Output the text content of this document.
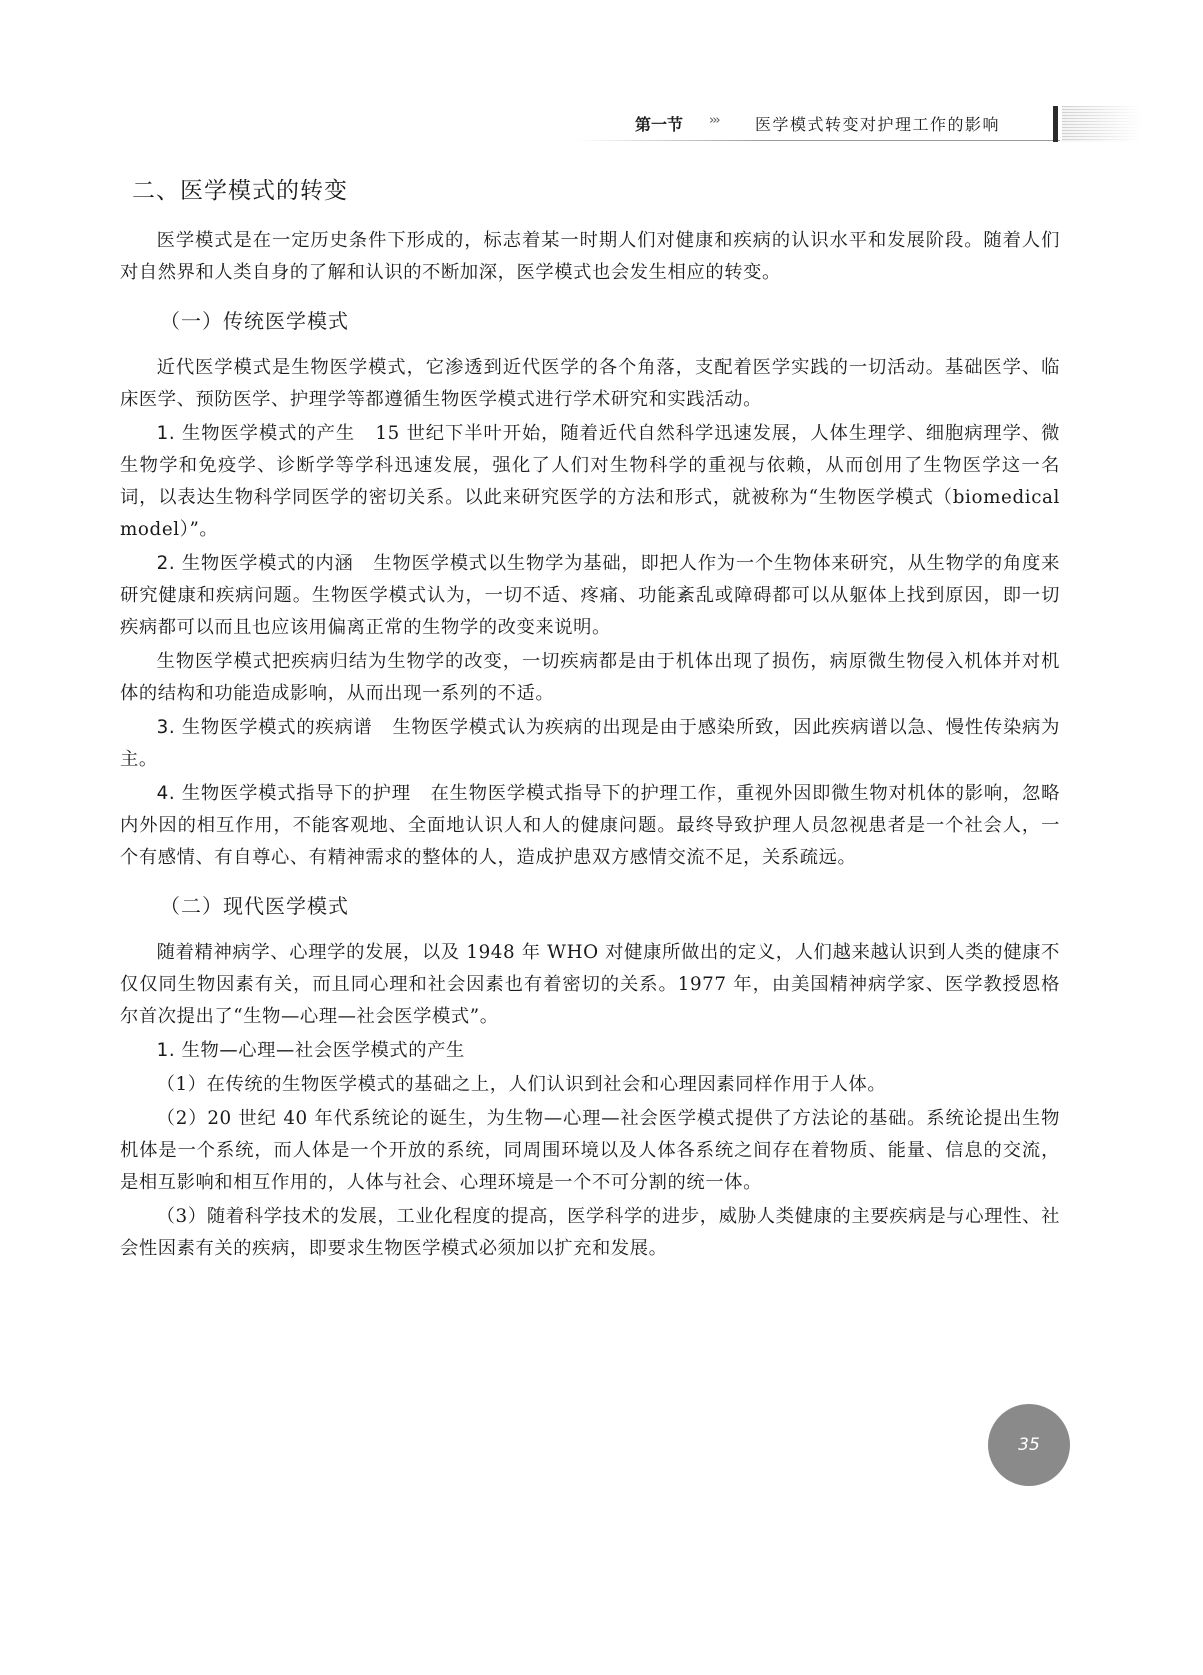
第一节 ››› 医学模式转变对护理工作的影响
二、医学模式的转变

医学模式是在一定历史条件下形成的，标志着某一时期人们对健康和疾病的认识水平和发展阶段。随着人们对自然界和人类自身的了解和认识的不断加深，医学模式也会发生相应的转变。

（一）传统医学模式

近代医学模式是生物医学模式，它渗透到近代医学的各个角落，支配着医学实践的一切活动。基础医学、临床医学、预防医学、护理学等都遵循生物医学模式进行学术研究和实践活动。

1. 生物医学模式的产生 15 世纪下半叶开始，随着近代自然科学迅速发展，人体生理学、细胞病理学、微生物学和免疫学、诊断学等学科迅速发展，强化了人们对生物科学的重视与依赖，从而创用了生物医学这一名词，以表达生物科学同医学的密切关系。以此来研究医学的方法和形式，就被称为“生物医学模式（biomedical model）”。

2. 生物医学模式的内涵 生物医学模式以生物学为基础，即把人作为一个生物体来研究，从生物学的角度来研究健康和疾病问题。生物医学模式认为，一切不适、疼痛、功能紊乱或障碍都可以从躯体上找到原因，即一切疾病都可以而且也应该用偏离正常的生物学的改变来说明。

生物医学模式把疾病归结为生物学的改变，一切疾病都是由于机体出现了损伤，病原微生物侵入机体并对机体的结构和功能造成影响，从而出现一系列的不适。

3. 生物医学模式的疾病谱 生物医学模式认为疾病的出现是由于感染所致，因此疾病谱以急、慢性传染病为主。

4. 生物医学模式指导下的护理 在生物医学模式指导下的护理工作，重视外因即微生物对机体的影响，忽略内外因的相互作用，不能客观地、全面地认识人和人的健康问题。最终导致护理人员忽视患者是一个社会人，一个有感情、有自尊心、有精神需求的整体的人，造成护患双方感情交流不足，关系疏远。

（二）现代医学模式

随着精神病学、心理学的发展，以及 1948 年 WHO 对健康所做出的定义，人们越来越认识到人类的健康不仅仅同生物因素有关，而且同心理和社会因素也有着密切的关系。1977 年，由美国精神病学家、医学教授恩格尔首次提出了“生物—心理—社会医学模式”。

1. 生物—心理—社会医学模式的产生

（1）在传统的生物医学模式的基础之上，人们认识到社会和心理因素同样作用于人体。

（2）20 世纪 40 年代系统论的诞生，为生物—心理—社会医学模式提供了方法论的基础。系统论提出生物机体是一个系统，而人体是一个开放的系统，同周围环境以及人体各系统之间存在着物质、能量、信息的交流，是相互影响和相互作用的，人体与社会、心理环境是一个不可分割的统一体。

（3）随着科学技术的发展，工业化程度的提高，医学科学的进步，威胁人类健康的主要疾病是与心理性、社会性因素有关的疾病，即要求生物医学模式必须加以扩充和发展。

35
